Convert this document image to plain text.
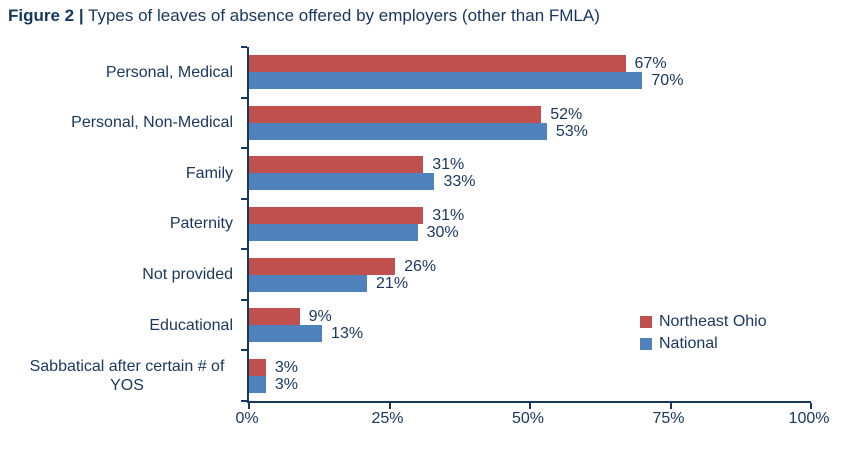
Figure 2 | Types of leaves of absence offered by employers (other than FMLA)
Personal, Medical
Personal, Non-Medical
Family
Paternity
Not provided
Educational
Sabbatical after certain # of YOS
67%
70%
52%
53%
31%
33%
31%
30%
26%
21%
9%
13%
3%
3%
0%	25%	50%	75%	100%
Northeast Ohio
National
